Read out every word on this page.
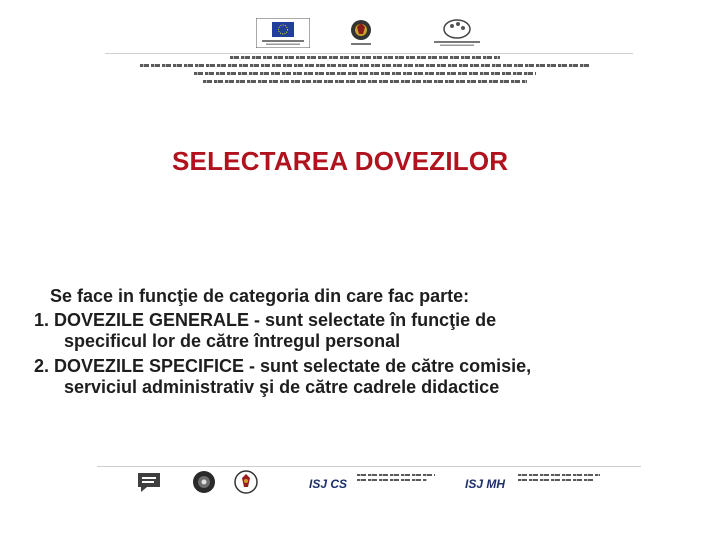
SELECTAREA DOVEZILOR

Se face in funcţie de categoria din care fac parte:

1. DOVEZILE GENERALE - sunt selectate în funcţie de
specificul lor de către întregul personal

2. DOVEZILE SPECIFICE - sunt selectate de către comisie,
serviciul administrativ şi de către cadrele didactice

ISJ CS	ISJ MH
